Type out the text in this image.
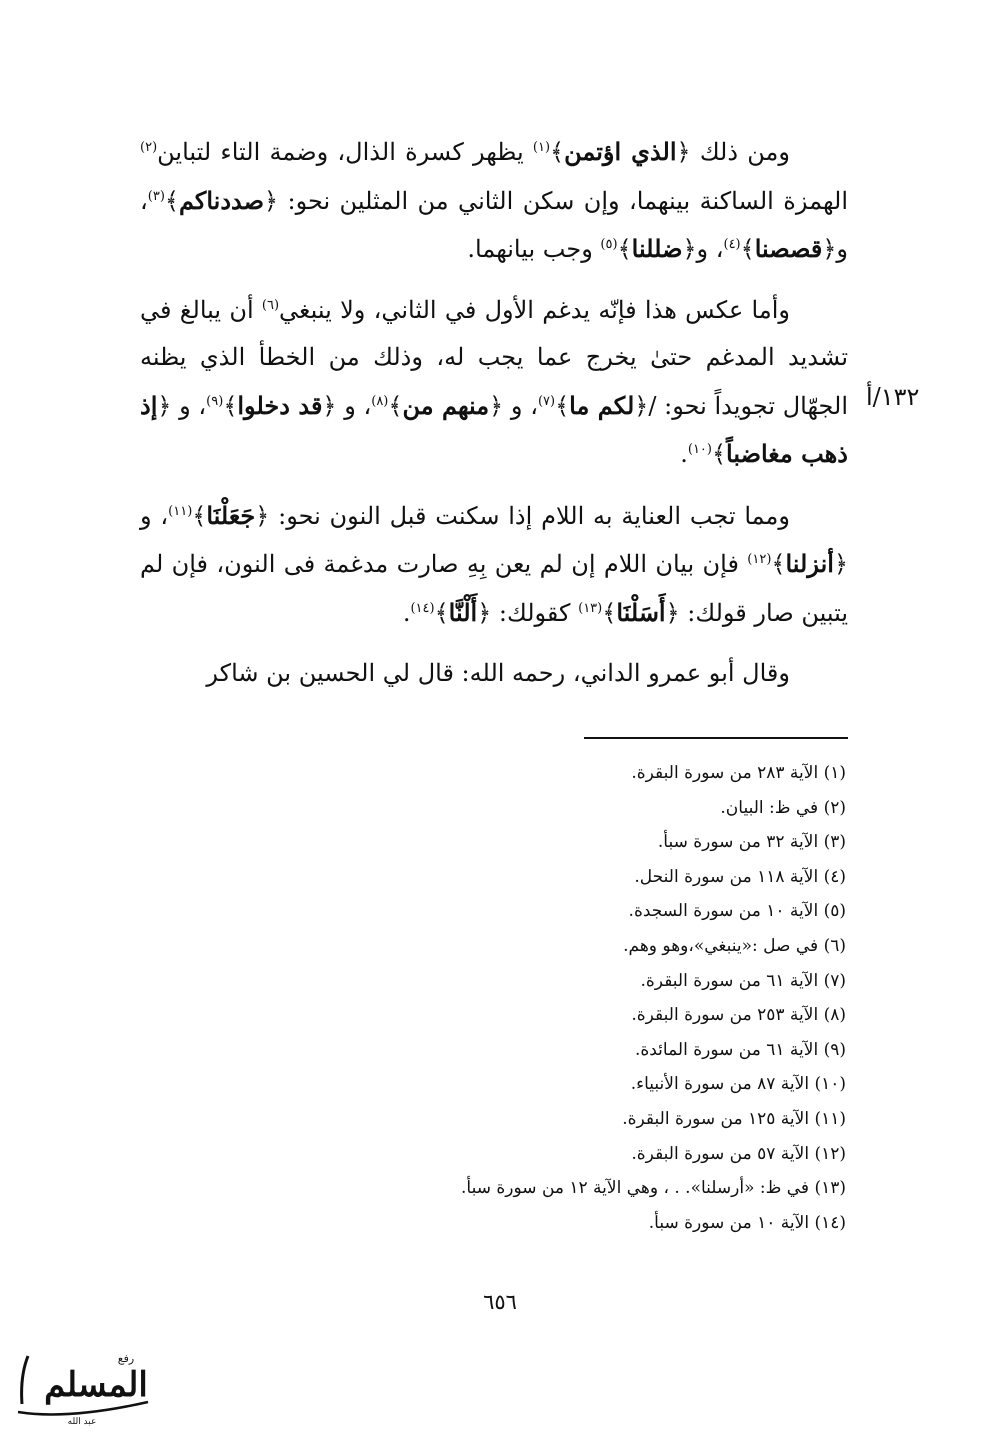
١٣٢/أ

ومن ذلك ﴿الذي اؤتمن﴾$^{(١)}$ يظهر كسرة الذال، وضمة التاء لتباين$^{(٢)}$ الهمزة الساكنة بينهما، وإن سكن الثاني من المثلين نحو: ﴿صددناكم﴾$^{(٣)}$، و﴿قصصنا﴾$^{(٤)}$، و﴿ضللنا﴾$^{(٥)}$ وجب بيانهما.

وأما عكس هذا فإنّه يدغم الأول في الثاني، ولا ينبغي$^{(٦)}$ أن يبالغ في تشديد المدغم حتىٰ يخرج عما يجب له، وذلك من الخطأ الذي يظنه الجهّال تجويداً نحو: /﴿لكم ما﴾$^{(٧)}$، و ﴿منهم من﴾$^{(٨)}$، و ﴿قد دخلوا﴾$^{(٩)}$، و ﴿إذ ذهب مغاضباً﴾$^{(١٠)}$.

ومما تجب العناية به اللام إذا سكنت قبل النون نحو: ﴿جَعَلْنَا﴾$^{(١١)}$، و ﴿أنزلنا﴾$^{(١٢)}$ فإن بيان اللام إن لم يعن بِهِ صارت مدغمة فى النون، فإن لم يتبين صار قولك: ﴿أَسَلْنَا﴾$^{(١٣)}$ كقولك: ﴿أَلْنَّا﴾$^{(١٤)}$.

وقال أبو عمرو الداني، رحمه الله: قال لي الحسين بن شاكر

(١) الآية ٢٨٣ من سورة البقرة.
(٢) في ظ: البيان.
(٣) الآية ٣٢ من سورة سبأ.
(٤) الآية ١١٨ من سورة النحل.
(٥) الآية ١٠ من سورة السجدة.
(٦) في صل :«ينبغي»،وهو وهم.
(٧) الآية ٦١ من سورة البقرة.
(٨) الآية ٢٥٣ من سورة البقرة.
(٩) الآية ٦١ من سورة المائدة.
(١٠) الآية ٨٧ من سورة الأنبياء.
(١١) الآية ١٢٥ من سورة البقرة.
(١٢) الآية ٥٧ من سورة البقرة.
(١٣) في ظ: «أرسلنا». . ، وهي الآية ١٢ من سورة سبأ.
(١٤) الآية ١٠ من سورة سبأ.
٦٥٦
المسلم
رفع
عبد الله
